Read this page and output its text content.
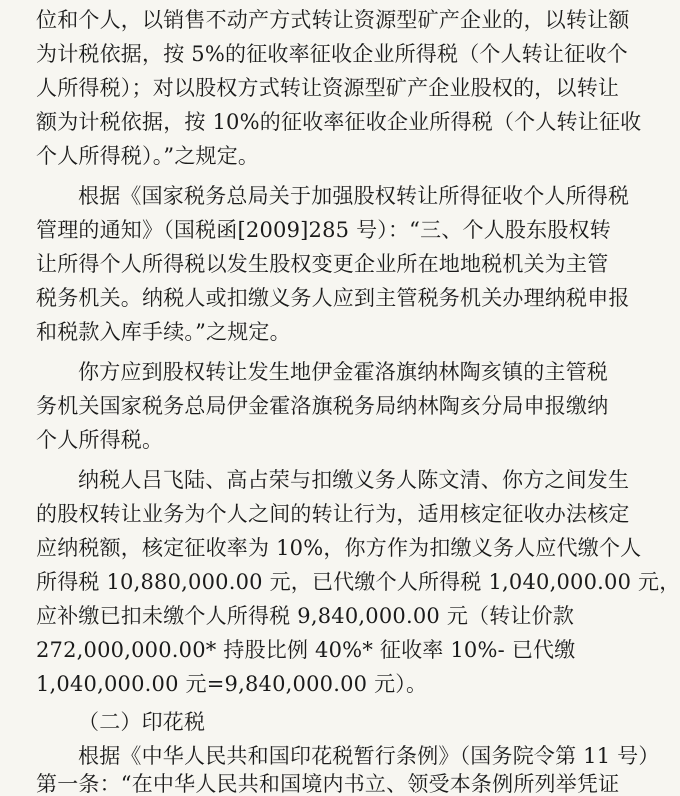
位和个人，以销售不动产方式转让资源型矿产企业的，以转让额
为计税依据，按 5%的征收率征收企业所得税（个人转让征收个
人所得税）；对以股权方式转让资源型矿产企业股权的，以转让
额为计税依据，按 10%的征收率征收企业所得税（个人转让征收
个人所得税）。”之规定。
根据《国家税务总局关于加强股权转让所得征收个人所得税
管理的通知》（国税函[2009]285 号）：“三、个人股东股权转
让所得个人所得税以发生股权变更企业所在地地税机关为主管
税务机关。纳税人或扣缴义务人应到主管税务机关办理纳税申报
和税款入库手续。”之规定。
你方应到股权转让发生地伊金霍洛旗纳林陶亥镇的主管税
务机关国家税务总局伊金霍洛旗税务局纳林陶亥分局申报缴纳
个人所得税。
纳税人吕飞陆、高占荣与扣缴义务人陈文清、你方之间发生
的股权转让业务为个人之间的转让行为，适用核定征收办法核定
应纳税额，核定征收率为 10%，你方作为扣缴义务人应代缴个人
所得税 10,880,000.00 元，已代缴个人所得税 1,040,000.00 元，
应补缴已扣未缴个人所得税 9,840,000.00 元（转让价款
272,000,000.00* 持股比例 40%* 征收率 10%- 已代缴
1,040,000.00 元=9,840,000.00 元）。
（二）印花税
根据《中华人民共和国印花税暂行条例》（国务院令第 11 号）
第一条：“在中华人民共和国境内书立、领受本条例所列举凭证
